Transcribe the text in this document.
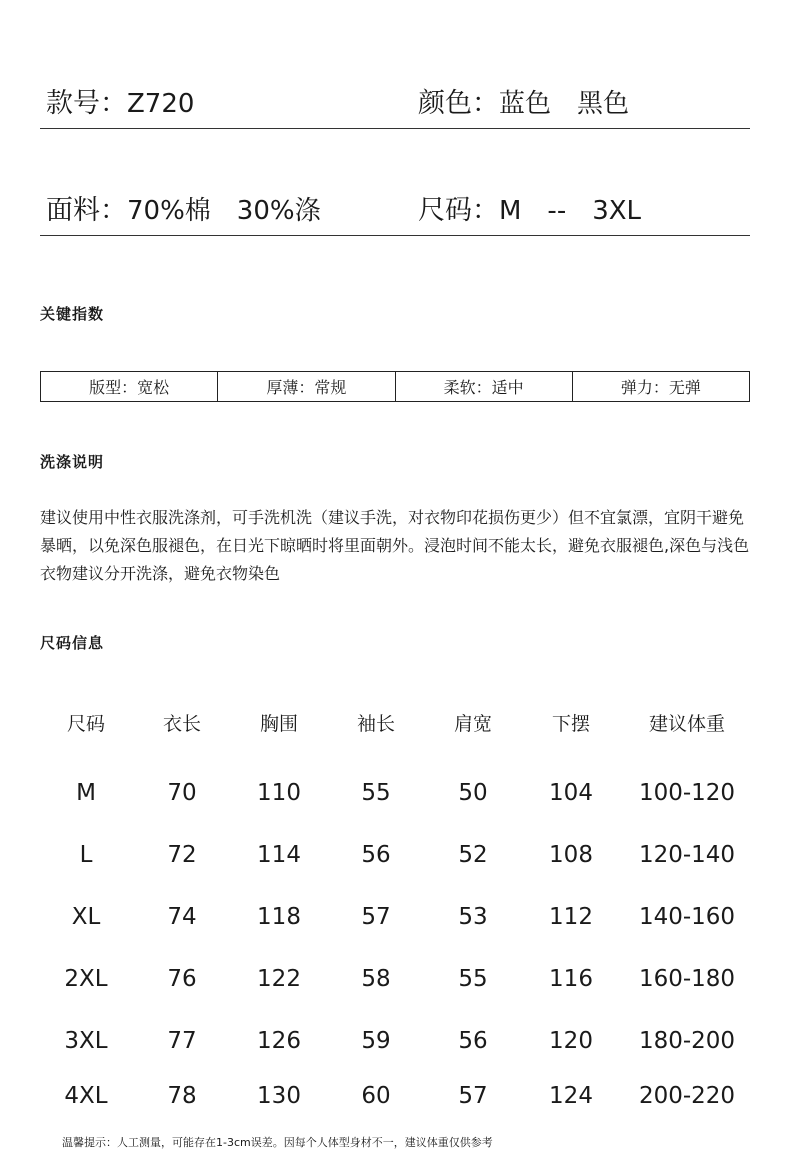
款号：Z720	颜色：蓝色　黑色
面料：70%棉　30%涤	尺码：M　--　3XL
关键指数
版型：宽松	厚薄：常规	柔软：适中	弹力：无弹
洗涤说明

建议使用中性衣服洗涤剂，可手洗机洗（建议手洗，对衣物印花损伤更少）但不宜氯漂，宜阴干避免暴晒，以免深色服褪色，在日光下晾晒时将里面朝外。浸泡时间不能太长，避免衣服褪色,深色与浅色衣物建议分开洗涤，避免衣物染色

尺码信息
尺码	衣长	胸围	袖长	肩宽	下摆	建议体重

M	70	110	55	50	104	100-120
L	72	114	56	52	108	120-140
XL	74	118	57	53	112	140-160
2XL	76	122	58	55	116	160-180
3XL	77	126	59	56	120	180-200
4XL	78	130	60	57	124	200-220
温馨提示：人工测量，可能存在1-3cm误差。因每个人体型身材不一，建议体重仅供参考
